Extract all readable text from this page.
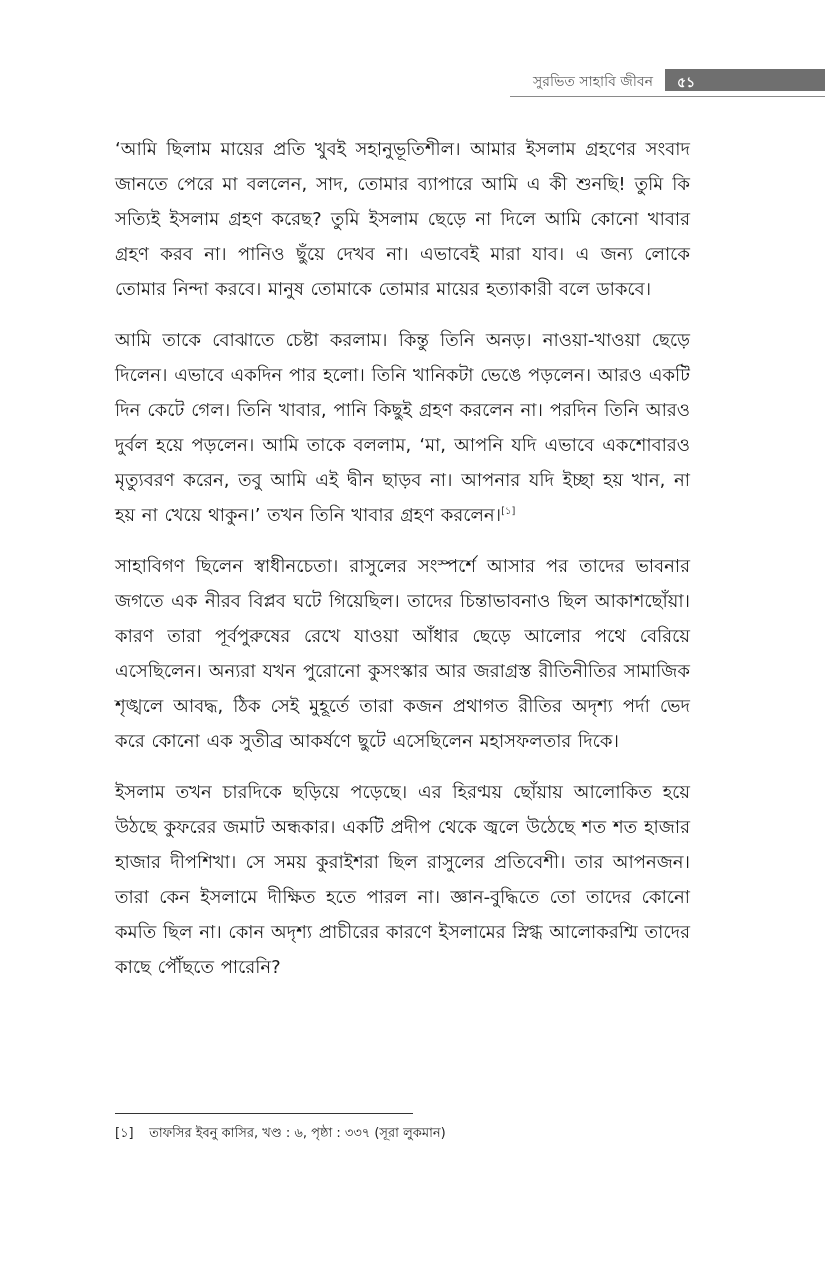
সুরভিত সাহাবি জীবন ৫১

‘আমি ছিলাম মায়ের প্রতি খুবই সহানুভূতিশীল। আমার ইসলাম গ্রহণের সংবাদ জানতে পেরে মা বললেন, সাদ, তোমার ব্যাপারে আমি এ কী শুনছি! তুমি কি সত্যিই ইসলাম গ্রহণ করেছ? তুমি ইসলাম ছেড়ে না দিলে আমি কোনো খাবার গ্রহণ করব না। পানিও ছুঁয়ে দেখব না। এভাবেই মারা যাব। এ জন্য লোকে তোমার নিন্দা করবে। মানুষ তোমাকে তোমার মায়ের হত্যাকারী বলে ডাকবে।

আমি তাকে বোঝাতে চেষ্টা করলাম। কিন্তু তিনি অনড়। নাওয়া-খাওয়া ছেড়ে দিলেন। এভাবে একদিন পার হলো। তিনি খানিকটা ভেঙে পড়লেন। আরও একটি দিন কেটে গেল। তিনি খাবার, পানি কিছুই গ্রহণ করলেন না। পরদিন তিনি আরও দুর্বল হয়ে পড়লেন। আমি তাকে বললাম, ‘মা, আপনি যদি এভাবে একশোবারও মৃত্যুবরণ করেন, তবু আমি এই দ্বীন ছাড়ব না। আপনার যদি ইচ্ছা হয় খান, না হয় না খেয়ে থাকুন।’ তখন তিনি খাবার গ্রহণ করলেন।[১]

সাহাবিগণ ছিলেন স্বাধীনচেতা। রাসুলের সংস্পর্শে আসার পর তাদের ভাবনার জগতে এক নীরব বিপ্লব ঘটে গিয়েছিল। তাদের চিন্তাভাবনাও ছিল আকাশছোঁয়া। কারণ তারা পূর্বপুরুষের রেখে যাওয়া আঁধার ছেড়ে আলোর পথে বেরিয়ে এসেছিলেন। অন্যরা যখন পুরোনো কুসংস্কার আর জরাগ্রস্ত রীতিনীতির সামাজিক শৃঙ্খলে আবদ্ধ, ঠিক সেই মুহূর্তে তারা কজন প্রথাগত রীতির অদৃশ্য পর্দা ভেদ করে কোনো এক সুতীব্র আকর্ষণে ছুটে এসেছিলেন মহাসফলতার দিকে।

ইসলাম তখন চারদিকে ছড়িয়ে পড়েছে। এর হিরণ্ময় ছোঁয়ায় আলোকিত হয়ে উঠছে কুফরের জমাট অন্ধকার। একটি প্রদীপ থেকে জ্বলে উঠেছে শত শত হাজার হাজার দীপশিখা। সে সময় কুরাইশরা ছিল রাসুলের প্রতিবেশী। তার আপনজন। তারা কেন ইসলামে দীক্ষিত হতে পারল না। জ্ঞান-বুদ্ধিতে তো তাদের কোনো কমতি ছিল না। কোন অদৃশ্য প্রাচীরের কারণে ইসলামের স্নিগ্ধ আলোকরশ্মি তাদের কাছে পৌঁছতে পারেনি?

[১] তাফসির ইবনু কাসির, খণ্ড : ৬, পৃষ্ঠা : ৩৩৭ (সূরা লুকমান)
